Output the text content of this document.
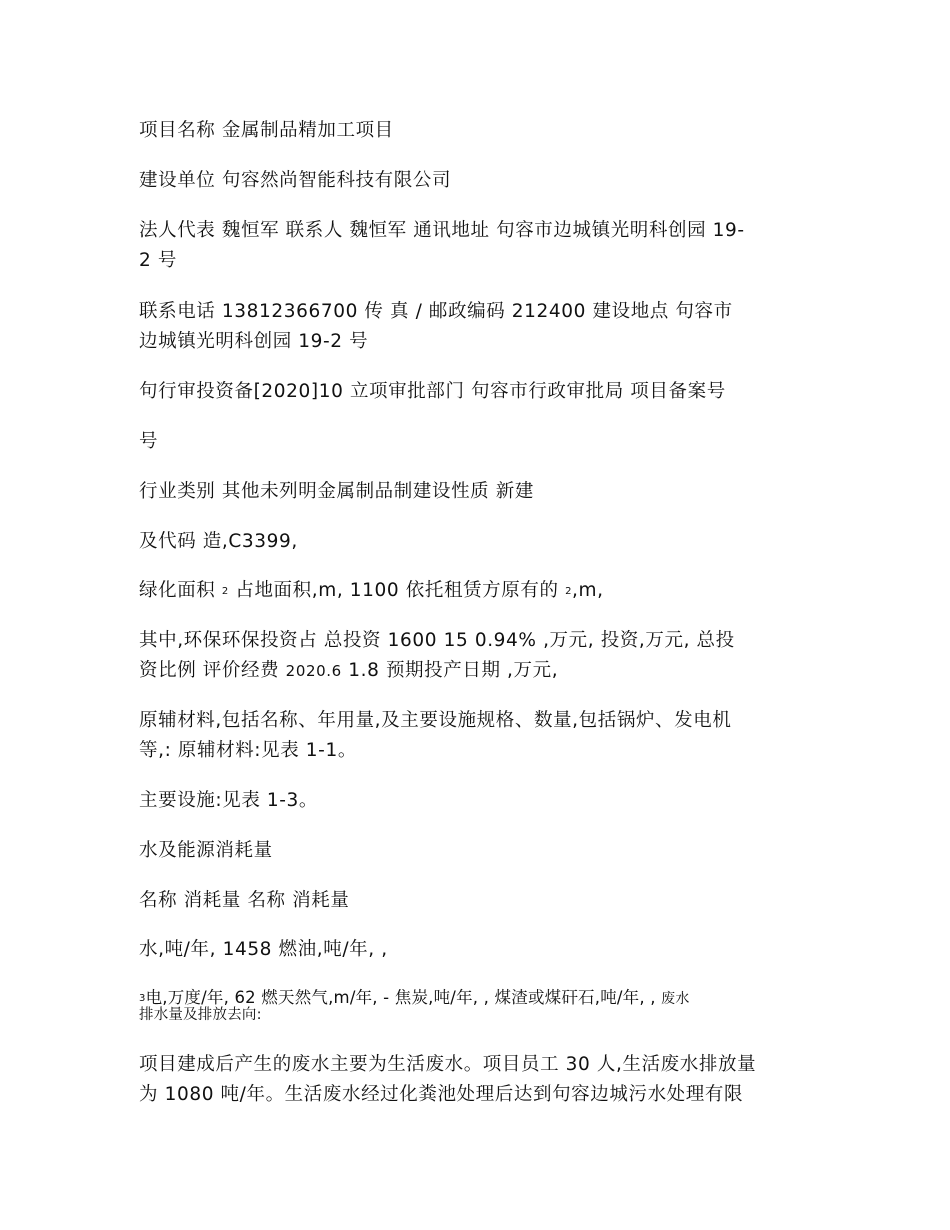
项目名称 金属制品精加工项目
建设单位 句容然尚智能科技有限公司
法人代表 魏恒军 联系人 魏恒军 通讯地址 句容市边城镇光明科创园 19-
2 号
联系电话 13812366700 传 真 / 邮政编码 212400 建设地点 句容市
边城镇光明科创园 19-2 号
句行审投资备[2020]10 立项审批部门 句容市行政审批局 项目备案号
号
行业类别 其他未列明金属制品制建设性质 新建
及代码 造,C3399,
绿化面积 2 占地面积,m, 1100 依托租赁方原有的 2,m,
其中,环保环保投资占 总投资 1600 15 0.94% ,万元, 投资,万元, 总投
资比例 评价经费 2020.6 1.8 预期投产日期 ,万元,
原辅材料,包括名称、年用量,及主要设施规格、数量,包括锅炉、发电机
等,: 原辅材料:见表 1-1。
主要设施:见表 1-3。
水及能源消耗量
名称 消耗量 名称 消耗量
水,吨/年, 1458 燃油,吨/年, ,
3电,万度/年, 62 燃天然气,m/年, - 焦炭,吨/年, , 煤渣或煤矸石,吨/年, , 废水
排水量及排放去向:
项目建成后产生的废水主要为生活废水。项目员工 30 人,生活废水排放量
为 1080 吨/年。生活废水经过化粪池处理后达到句容边城污水处理有限
